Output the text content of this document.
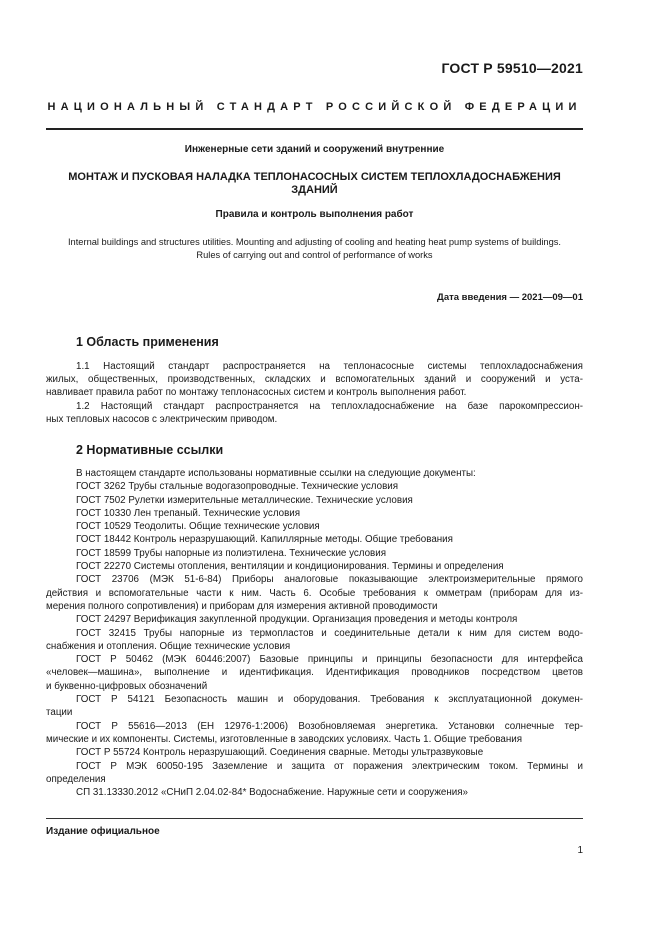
ГОСТ Р 59510—2021
НАЦИОНАЛЬНЫЙ СТАНДАРТ РОССИЙСКОЙ ФЕДЕРАЦИИ
Инженерные сети зданий и сооружений внутренние
МОНТАЖ И ПУСКОВАЯ НАЛАДКА ТЕПЛОНАСОСНЫХ СИСТЕМ ТЕПЛОХЛАДОСНАБЖЕНИЯ
ЗДАНИЙ
Правила и контроль выполнения работ
Internal buildings and structures utilities. Mounting and adjusting of cooling and heating heat pump systems of buildings.
Rules of carrying out and control of performance of works
Дата введения — 2021—09—01
1 Область применения
1.1 Настоящий стандарт распространяется на теплонасосные системы теплохладоснабжения
жилых, общественных, производственных, складских и вспомогательных зданий и сооружений и уста-
навливает правила работ по монтажу теплонасосных систем и контроль выполнения работ.
1.2 Настоящий стандарт распространяется на теплохладоснабжение на базе парокомпрессион-
ных тепловых насосов с электрическим приводом.
2 Нормативные ссылки
В настоящем стандарте использованы нормативные ссылки на следующие документы:
ГОСТ 3262 Трубы стальные водогазопроводные. Технические условия
ГОСТ 7502 Рулетки измерительные металлические. Технические условия
ГОСТ 10330 Лен трепаный. Технические условия
ГОСТ 10529 Теодолиты. Общие технические условия
ГОСТ 18442 Контроль неразрушающий. Капиллярные методы. Общие требования
ГОСТ 18599 Трубы напорные из полиэтилена. Технические условия
ГОСТ 22270 Системы отопления, вентиляции и кондиционирования. Термины и определения
ГОСТ 23706 (МЭК 51-6-84) Приборы аналоговые показывающие электроизмерительные прямого
действия и вспомогательные части к ним. Часть 6. Особые требования к омметрам (приборам для из-
мерения полного сопротивления) и приборам для измерения активной проводимости
ГОСТ 24297 Верификация закупленной продукции. Организация проведения и методы контроля
ГОСТ 32415 Трубы напорные из термопластов и соединительные детали к ним для систем водо-
снабжения и отопления. Общие технические условия
ГОСТ Р 50462 (МЭК 60446:2007) Базовые принципы и принципы безопасности для интерфейса
«человек—машина», выполнение и идентификация. Идентификация проводников посредством цветов
и буквенно-цифровых обозначений
ГОСТ Р 54121 Безопасность машин и оборудования. Требования к эксплуатационной докумен-
тации
ГОСТ Р 55616—2013 (ЕН 12976-1:2006) Возобновляемая энергетика. Установки солнечные тер-
мические и их компоненты. Системы, изготовленные в заводских условиях. Часть 1. Общие требования
ГОСТ Р 55724 Контроль неразрушающий. Соединения сварные. Методы ультразвуковые
ГОСТ Р МЭК 60050-195 Заземление и защита от поражения электрическим током. Термины и
определения
СП 31.13330.2012 «СНиП 2.04.02-84* Водоснабжение. Наружные сети и сооружения»
Издание официальное
1
